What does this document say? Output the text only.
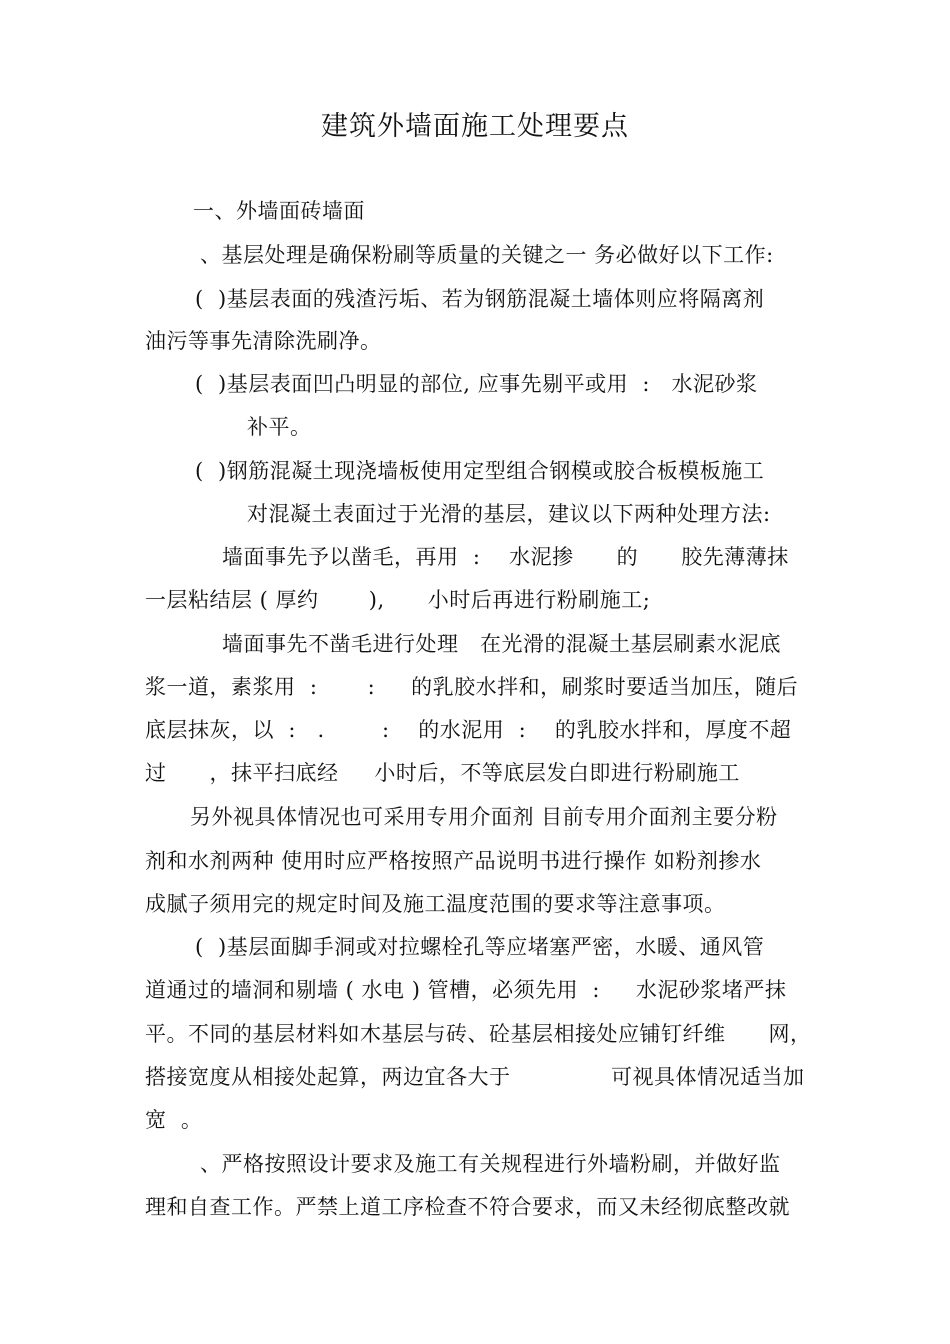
建筑外墙面施工处理要点
一、外墙面砖墙面
、基层处理是确保粉刷等质量的关键之一 务必做好以下工作:
(  )基层表面的残渣污垢、若为钢筋混凝土墙体则应将隔离剂
油污等事先清除洗刷净。
(  )基层表面凹凸明显的部位, 应事先剔平或用  :   水泥砂浆
补平。
(  )钢筋混凝土现浇墙板使用定型组合钢模或胶合板模板施工
对混凝土表面过于光滑的基层，建议以下两种处理方法:
墙面事先予以凿毛，再用  :    水泥掺      的      胶先薄薄抹
一层粘结层 ( 厚约       ),      小时后再进行粉刷施工;
墙面事先不凿毛进行处理   在光滑的混凝土基层刷素水泥底
浆一道，素浆用  :       :     的乳胶水拌和，刷浆时要适当加压，随后
底层抹灰，以  :   .        :    的水泥用  :    的乳胶水拌和，厚度不超
过      ，抹平扫底经     小时后，不等底层发白即进行粉刷施工
另外视具体情况也可采用专用介面剂 目前专用介面剂主要分粉
剂和水剂两种 使用时应严格按照产品说明书进行操作 如粉剂掺水
成腻子须用完的规定时间及施工温度范围的要求等注意事项。
(  )基层面脚手洞或对拉螺栓孔等应堵塞严密，水暖、通风管
道通过的墙洞和剔墙 ( 水电 ) 管槽，必须先用  :     水泥砂浆堵严抹
平。不同的基层材料如木基层与砖、砼基层相接处应铺钉纤维      网，
搭接宽度从相接处起算，两边宜各大于              可视具体情况适当加
宽  。
、严格按照设计要求及施工有关规程进行外墙粉刷，并做好监
理和自查工作。严禁上道工序检查不符合要求，而又未经彻底整改就
